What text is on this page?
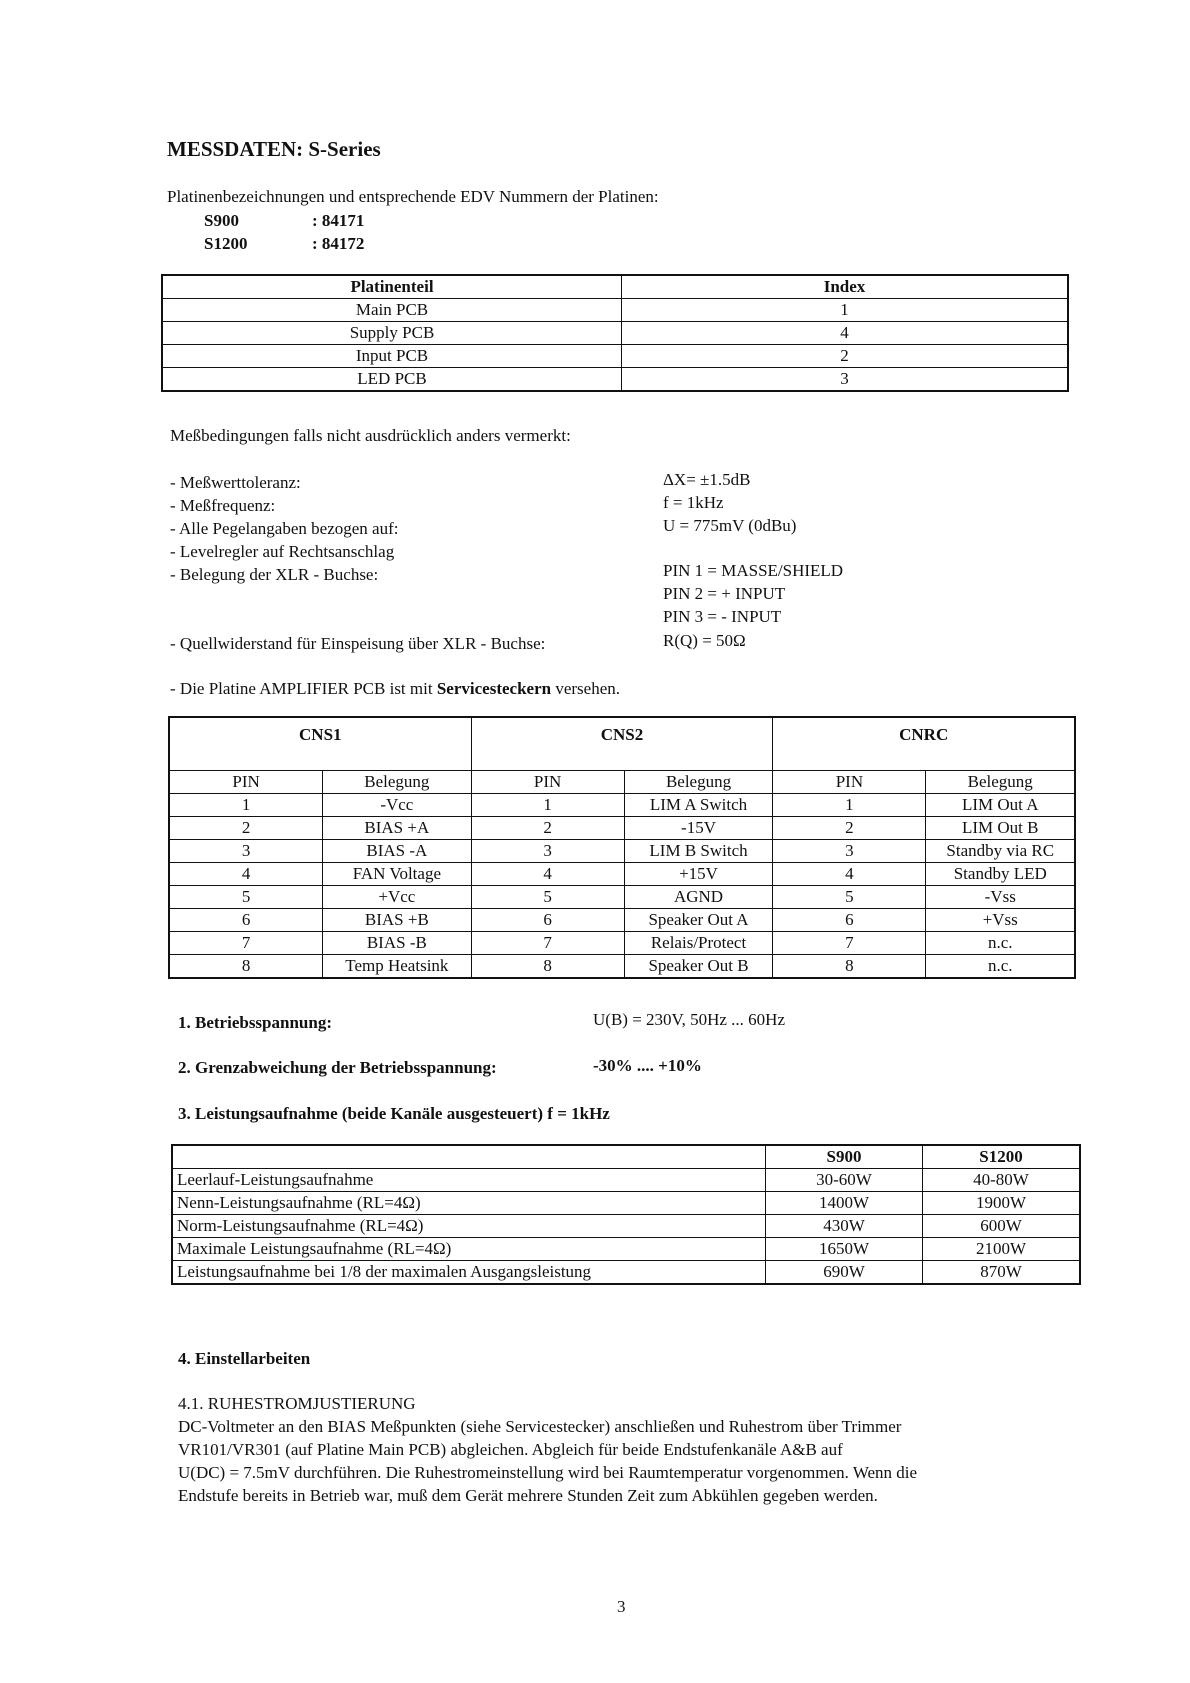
MESSDATEN: S-Series
Platinenbezeichnungen und entsprechende EDV Nummern der Platinen:
S900	: 84171
S1200	: 84172
Platinenteil	Index
Main PCB	1
Supply PCB	4
Input PCB	2
LED PCB	3
Meßbedingungen falls nicht ausdrücklich anders vermerkt:
- Meßwerttoleranz:	ΔX= ±1.5dB
- Meßfrequenz:	f = 1kHz
- Alle Pegelangaben bezogen auf:	U = 775mV (0dBu)
- Levelregler auf Rechtsanschlag
- Belegung der XLR - Buchse:	PIN 1 = MASSE/SHIELD
PIN 2 = + INPUT
PIN 3 = - INPUT
- Quellwiderstand für Einspeisung über XLR - Buchse:	R(Q) = 50Ω
- Die Platine AMPLIFIER PCB ist mit Servicesteckern versehen.
CNS1		CNS2		CNRC	
PIN	Belegung	PIN	Belegung	PIN	Belegung
1	-Vcc	1	LIM A Switch	1	LIM Out A
2	BIAS +A	2	-15V	2	LIM Out B
3	BIAS -A	3	LIM B Switch	3	Standby via RC
4	FAN Voltage	4	+15V	4	Standby LED
5	+Vcc	5	AGND	5	-Vss
6	BIAS +B	6	Speaker Out A	6	+Vss
7	BIAS -B	7	Relais/Protect	7	n.c.
8	Temp Heatsink	8	Speaker Out B	8	n.c.
1. Betriebsspannung:	U(B) = 230V, 50Hz ... 60Hz
2. Grenzabweichung der Betriebsspannung:	-30% .... +10%
3. Leistungsaufnahme (beide Kanäle ausgesteuert) f = 1kHz
	S900	S1200
Leerlauf-Leistungsaufnahme	30-60W	40-80W
Nenn-Leistungsaufnahme (RL=4Ω)	1400W	1900W
Norm-Leistungsaufnahme (RL=4Ω)	430W	600W
Maximale Leistungsaufnahme (RL=4Ω)	1650W	2100W
Leistungsaufnahme bei 1/8 der maximalen Ausgangsleistung	690W	870W
4. Einstellarbeiten
4.1. RUHESTROMJUSTIERUNG
DC-Voltmeter an den BIAS Meßpunkten (siehe Servicestecker) anschließen und Ruhestrom über Trimmer
VR101/VR301 (auf Platine Main PCB) abgleichen. Abgleich für beide Endstufenkanäle A&B auf
U(DC) = 7.5mV durchführen. Die Ruhestromeinstellung wird bei Raumtemperatur vorgenommen. Wenn die
Endstufe bereits in Betrieb war, muß dem Gerät mehrere Stunden Zeit zum Abkühlen gegeben werden.
3
